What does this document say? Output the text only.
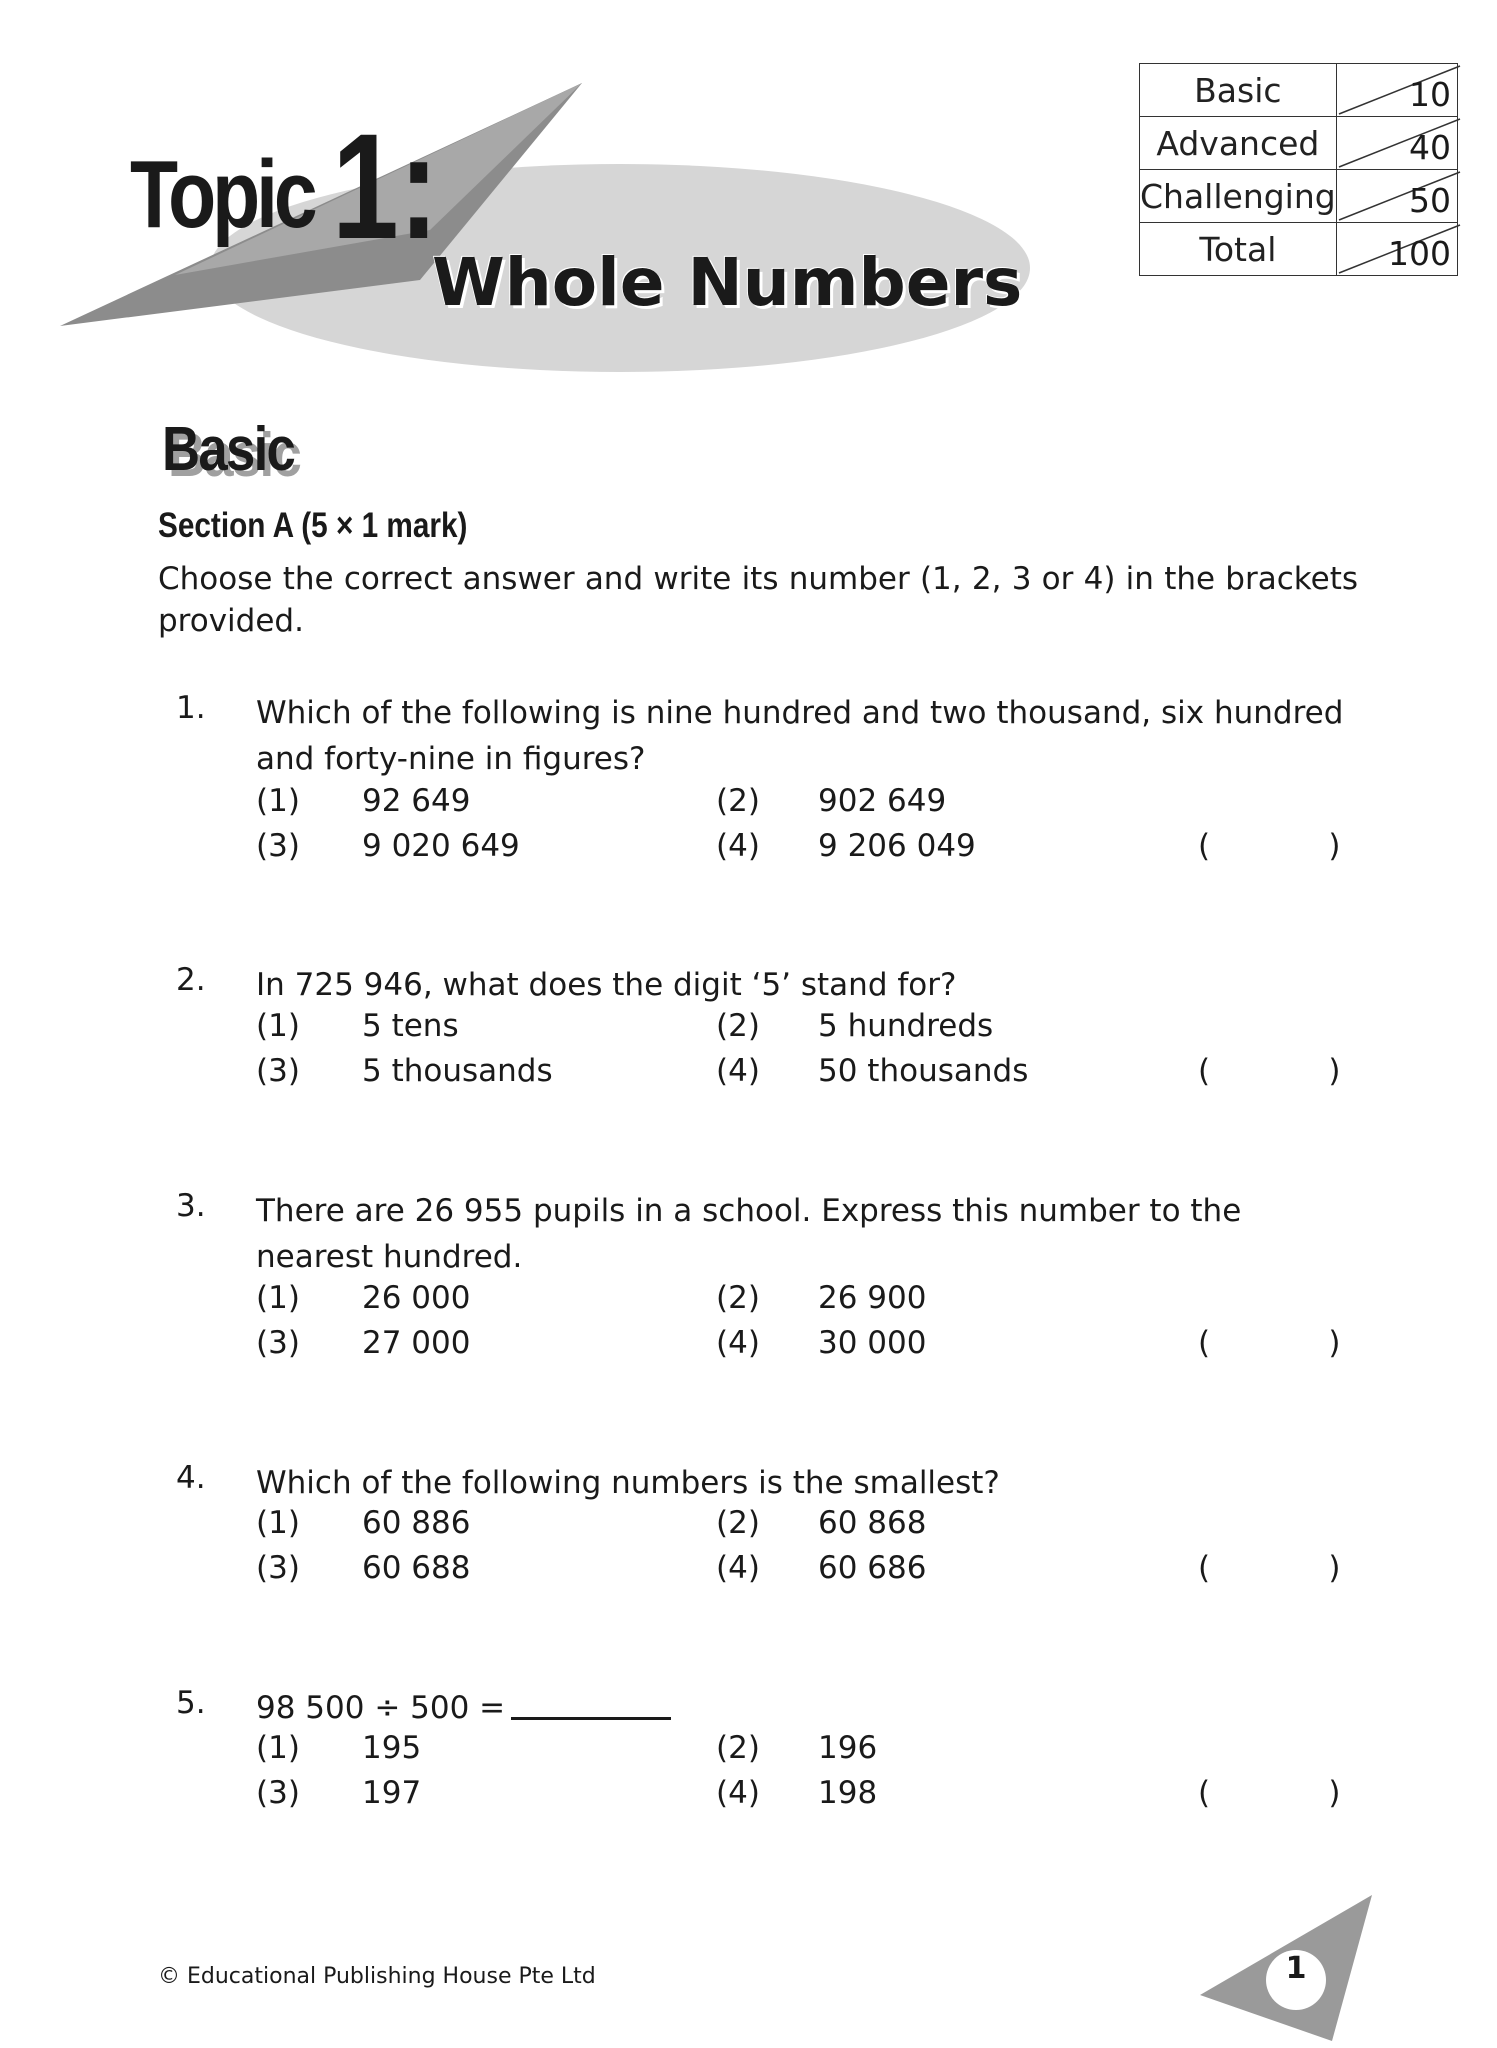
Topic 1:
Whole Numbers
Basic	10

Advanced	40

Challenging	50

Total	100
Basic
Section A (5 × 1 mark)
Choose the correct answer and write its number (1, 2, 3 or 4) in the brackets provided.
1. Which of the following is nine hundred and two thousand, six hundred and forty-nine in figures?
(1) 92 649	(2) 902 649
(3) 9 020 649	(4) 9 206 049	(            )
2. In 725 946, what does the digit ‘5’ stand for?
(1) 5 tens	(2) 5 hundreds
(3) 5 thousands	(4) 50 thousands	(            )
3. There are 26 955 pupils in a school. Express this number to the nearest hundred.
(1) 26 000	(2) 26 900
(3) 27 000	(4) 30 000	(            )
4. Which of the following numbers is the smallest?
(1) 60 886	(2) 60 868
(3) 60 688	(4) 60 686	(            )
5. 98 500 ÷ 500 =
(1) 195	(2) 196
(3) 197	(4) 198	(            )
© Educational Publishing House Pte Ltd	1
